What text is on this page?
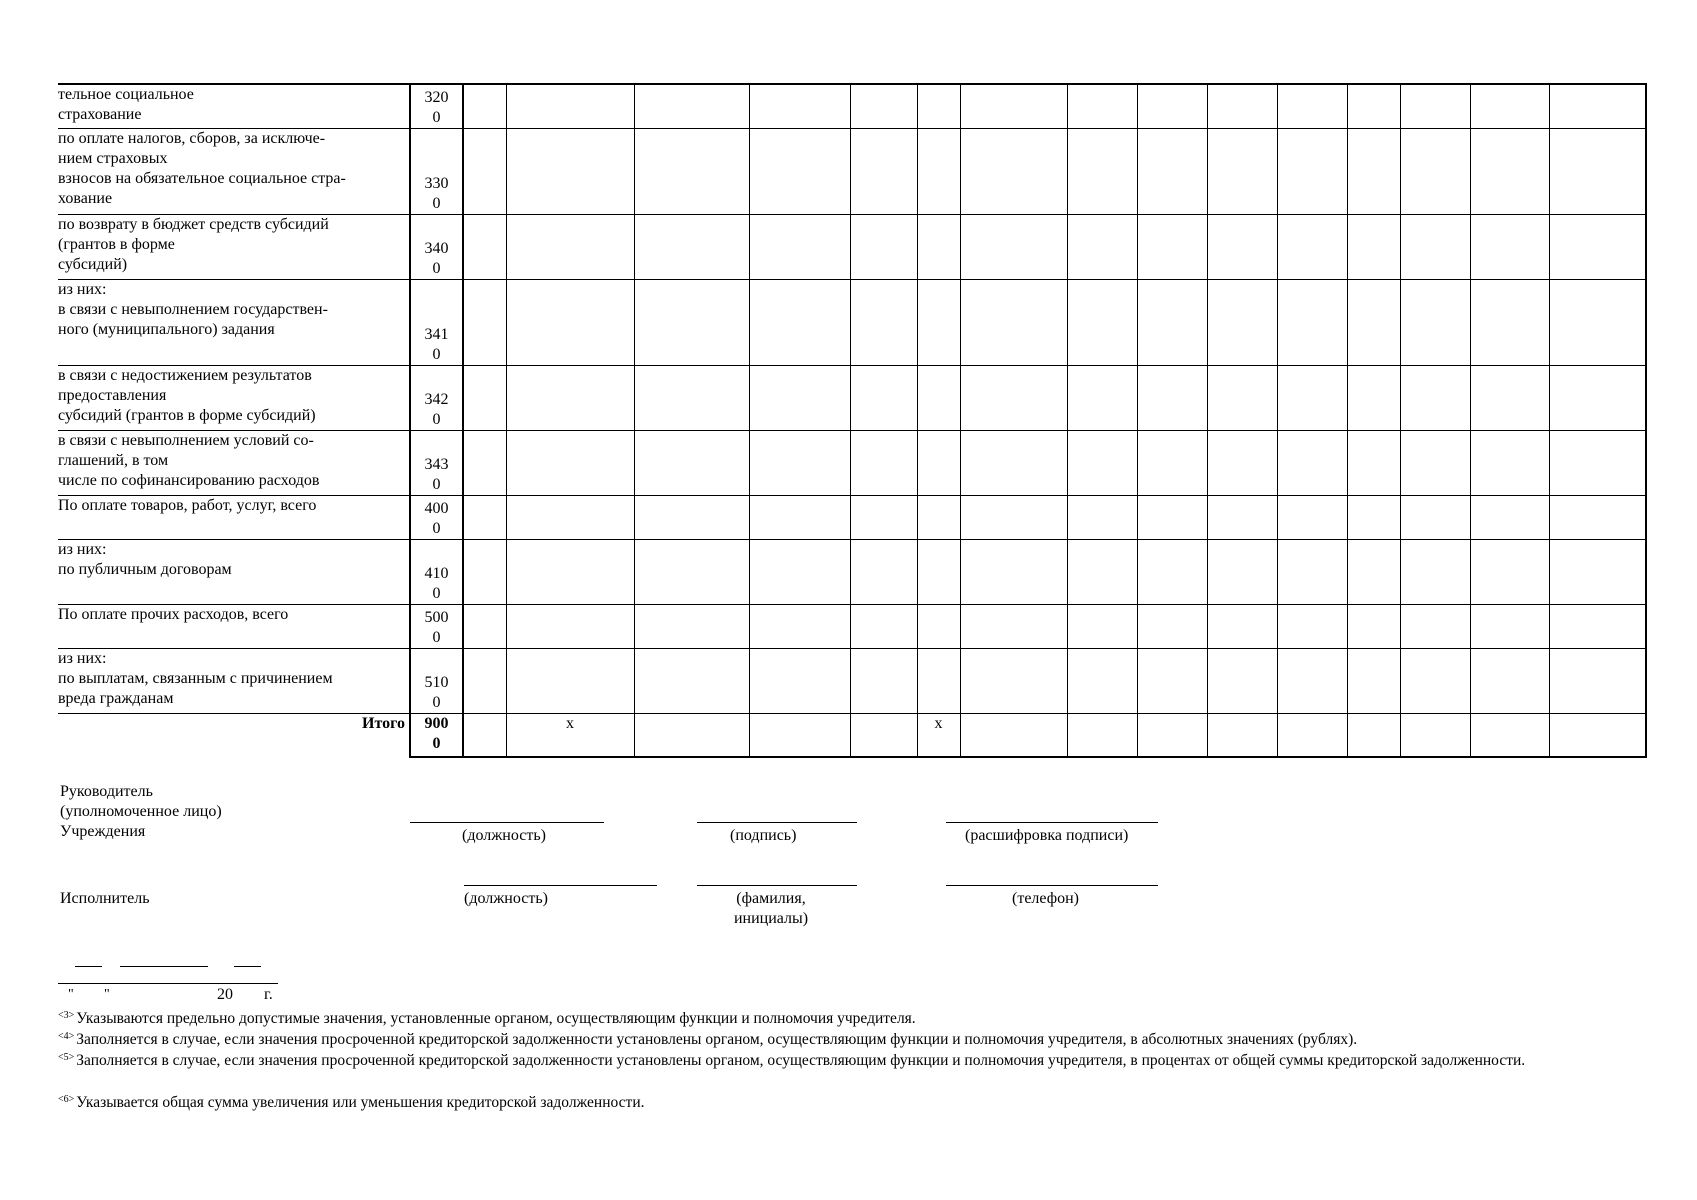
тельное социальное
страхование	320
0															

по оплате налогов, сборов, за исключе-
нием страховых
взносов на обязательное социальное стра-
хование	330
0															

по возврату в бюджет средств субсидий
(грантов в форме
субсидий)	340
0															

из них:
в связи с невыполнением государствен-
ного (муниципального) задания	341
0															

в связи с недостижением результатов
предоставления
субсидий (грантов в форме субсидий)	342
0															

в связи с невыполнением условий со-
глашений, в том
числе по софинансированию расходов	343
0															

По оплате товаров, работ, услуг, всего	400
0															

из них:
по публичным договорам	410
0															

По оплате прочих расходов, всего	500
0															

из них:
по выплатам, связанным с причинением
вреда гражданам	510
0															

Итого	900
0		x				x									
Руководитель
(уполномоченное лицо)
Учреждения	(должность)	(подпись)	(расшифровка подписи)
Исполнитель	(должность)	(фамилия,
инициалы)
(телефон)
" "	20 г.
$^{<3>}$ Указываются предельно допустимые значения, установленные органом, осуществляющим функции и полномочия учредителя.
$^{<4>}$ Заполняется в случае, если значения просроченной кредиторской задолженности установлены органом, осуществляющим функции и полномочия учредителя, в абсолютных значениях (рублях).
$^{<5>}$ Заполняется в случае, если значения просроченной кредиторской задолженности установлены органом, осуществляющим функции и полномочия учредителя, в процентах от общей суммы кредиторской задолженности.
$^{<6>}$ Указывается общая сумма увеличения или уменьшения кредиторской задолженности.
